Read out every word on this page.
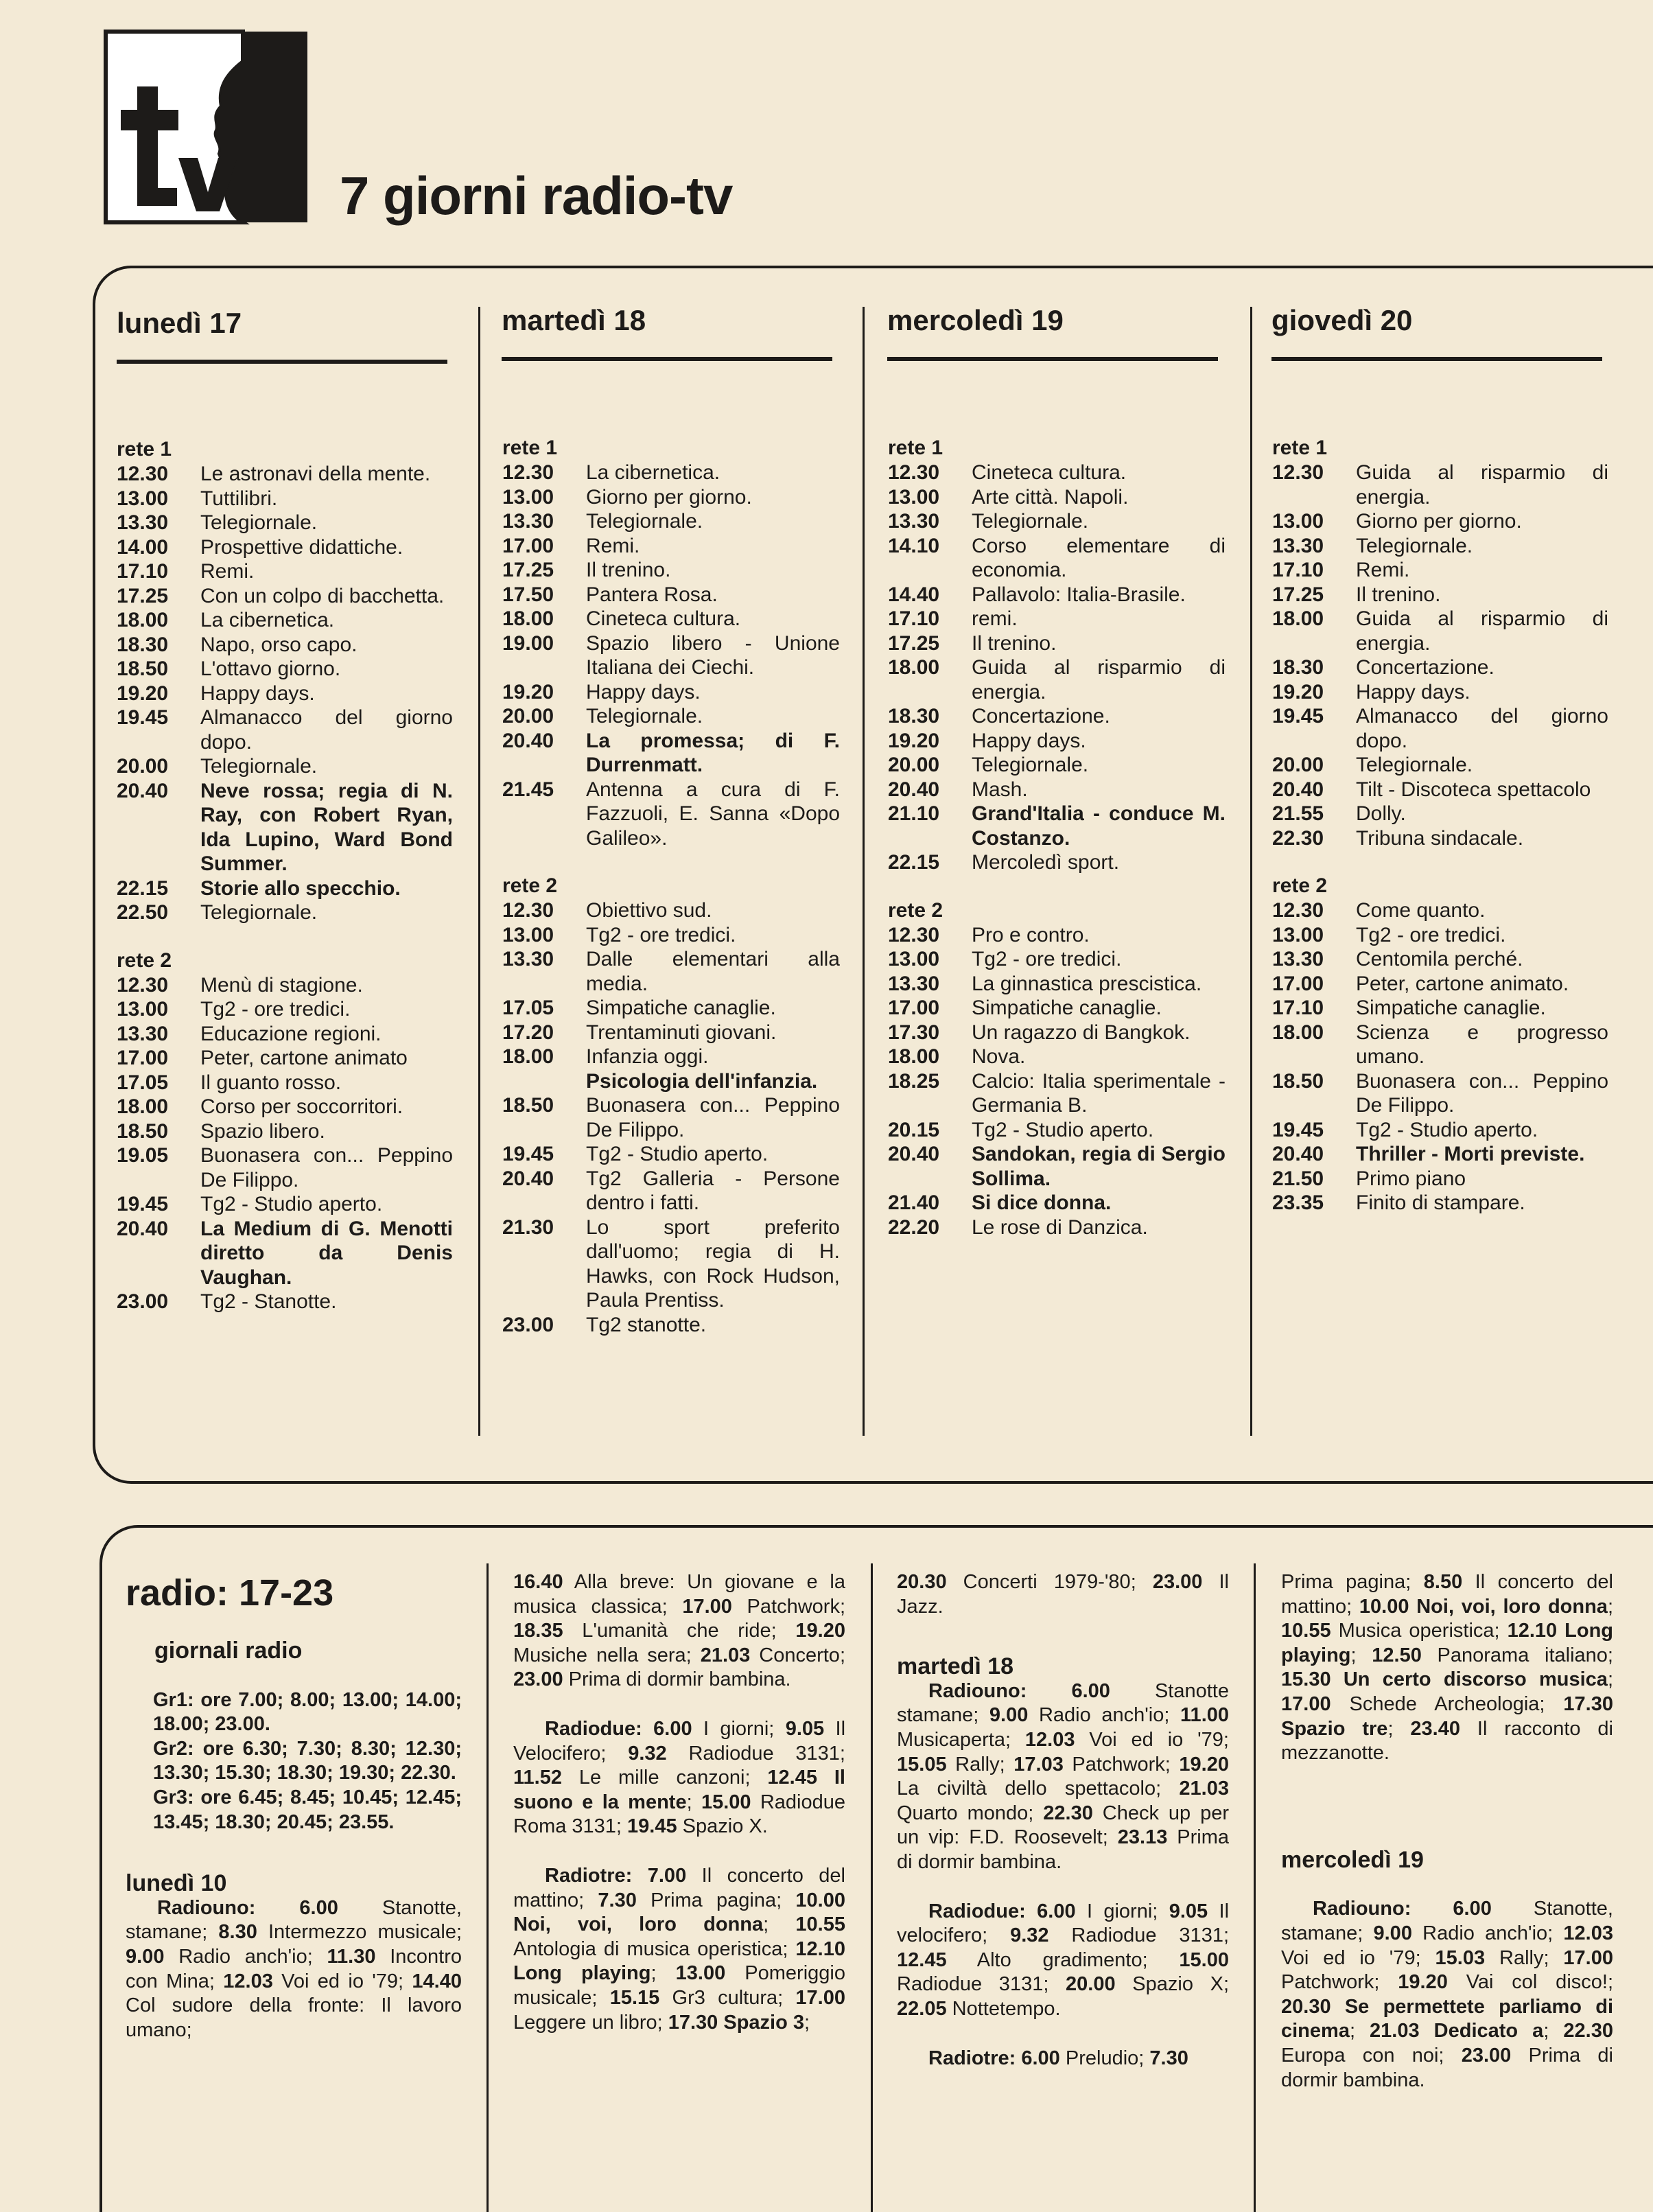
7 giorni radio-tv
lunedì 17	martedì 18	mercoledì 19	giovedì 20
rete 1
12.30	Le astronavi della mente.
13.00	Tuttilibri.
13.30	Telegiornale.
14.00	Prospettive didattiche.
17.10	Remi.
17.25	Con un colpo di bacchetta.
18.00	La cibernetica.
18.30	Napo, orso capo.
18.50	L'ottavo giorno.
19.20	Happy days.
19.45	Almanacco del giorno dopo.
20.00	Telegiornale.
20.40	Neve rossa; regia di N. Ray, con Robert Ryan, Ida Lupino, Ward Bond Summer.
22.15	Storie allo specchio.
22.50	Telegiornale.
rete 2
12.30	Menù di stagione.
13.00	Tg2 - ore tredici.
13.30	Educazione regioni.
17.00	Peter, cartone animato
17.05	Il guanto rosso.
18.00	Corso per soccorritori.
18.50	Spazio libero.
19.05	Buonasera con... Peppino De Filippo.
19.45	Tg2 - Studio aperto.
20.40	La Medium di G. Menotti diretto da Denis Vaughan.
23.00	Tg2 - Stanotte.
rete 1
12.30	La cibernetica.
13.00	Giorno per giorno.
13.30	Telegiornale.
17.00	Remi.
17.25	Il trenino.
17.50	Pantera Rosa.
18.00	Cineteca cultura.
19.00	Spazio libero - Unione Italiana dei Ciechi.
19.20	Happy days.
20.00	Telegiornale.
20.40	La promessa; di F. Durrenmatt.
21.45	Antenna a cura di F. Fazzuoli, E. Sanna «Dopo Galileo».
rete 2
12.30	Obiettivo sud.
13.00	Tg2 - ore tredici.
13.30	Dalle elementari alla media.
17.05	Simpatiche canaglie.
17.20	Trentaminuti giovani.
18.00	Infanzia oggi.
Psicologia dell'infanzia.
18.50	Buonasera con... Peppino De Filippo.
19.45	Tg2 - Studio aperto.
20.40	Tg2 Galleria - Persone dentro i fatti.
21.30	Lo sport preferito dall'uomo; regia di H. Hawks, con Rock Hudson, Paula Prentiss.
23.00	Tg2 stanotte.
rete 1
12.30	Cineteca cultura.
13.00	Arte città. Napoli.
13.30	Telegiornale.
14.10	Corso elementare di economia.
14.40	Pallavolo: Italia-Brasile.
17.10	remi.
17.25	Il trenino.
18.00	Guida al risparmio di energia.
18.30	Concertazione.
19.20	Happy days.
20.00	Telegiornale.
20.40	Mash.
21.10	Grand'Italia - conduce M. Costanzo.
22.15	Mercoledì sport.
rete 2
12.30	Pro e contro.
13.00	Tg2 - ore tredici.
13.30	La ginnastica prescistica.
17.00	Simpatiche canaglie.
17.30	Un ragazzo di Bangkok.
18.00	Nova.
18.25	Calcio: Italia sperimentale - Germania B.
20.15	Tg2 - Studio aperto.
20.40	Sandokan, regia di Sergio Sollima.
21.40	Si dice donna.
22.20	Le rose di Danzica.
rete 1
12.30	Guida al risparmio di energia.
13.00	Giorno per giorno.
13.30	Telegiornale.
17.10	Remi.
17.25	Il trenino.
18.00	Guida al risparmio di energia.
18.30	Concertazione.
19.20	Happy days.
19.45	Almanacco del giorno dopo.
20.00	Telegiornale.
20.40	Tilt - Discoteca spettacolo
21.55	Dolly.
22.30	Tribuna sindacale.
rete 2
12.30	Come quanto.
13.00	Tg2 - ore tredici.
13.30	Centomila perché.
17.00	Peter, cartone animato.
17.10	Simpatiche canaglie.
18.00	Scienza e progresso umano.
18.50	Buonasera con... Peppino De Filippo.
19.45	Tg2 - Studio aperto.
20.40	Thriller - Morti previste.
21.50	Primo piano
23.35	Finito di stampare.
radio: 17-23

giornali radio

Gr1: ore 7.00; 8.00; 13.00; 14.00; 18.00; 23.00.

Gr2: ore 6.30; 7.30; 8.30; 12.30; 13.30; 15.30; 18.30; 19.30; 22.30.

Gr3: ore 6.45; 8.45; 10.45; 12.45; 13.45; 18.30; 20.45; 23.55.

lunedì 10

Radiouno: 6.00 Stanotte, stamane; 8.30 Intermezzo musicale; 9.00 Radio anch'io; 11.30 Incontro con Mina; 12.03 Voi ed io '79; 14.40 Col sudore della fronte: Il lavoro umano;

16.40 Alla breve: Un giovane e la musica classica; 17.00 Patchwork; 18.35 L'umanità che ride; 19.20 Musiche nella sera; 21.03 Concerto; 23.00 Prima di dormir bambina.

Radiodue: 6.00 I giorni; 9.05 Il Velocifero; 9.32 Radiodue 3131; 11.52 Le mille canzoni; 12.45 Il suono e la mente; 15.00 Radiodue Roma 3131; 19.45 Spazio X.

Radiotre: 7.00 Il concerto del mattino; 7.30 Prima pagina; 10.00 Noi, voi, loro donna; 10.55 Antologia di musica operistica; 12.10 Long playing; 13.00 Pomeriggio musicale; 15.15 Gr3 cultura; 17.00 Leggere un libro; 17.30 Spazio 3;

20.30 Concerti 1979-'80; 23.00 Il Jazz.

martedì 18

Radiouno: 6.00 Stanotte stamane; 9.00 Radio anch'io; 11.00 Musicaperta; 12.03 Voi ed io '79; 15.05 Rally; 17.03 Patchwork; 19.20 La civiltà dello spettacolo; 21.03 Quarto mondo; 22.30 Check up per un vip: F.D. Roosevelt; 23.13 Prima di dormir bambina.

Radiodue: 6.00 I giorni; 9.05 Il velocifero; 9.32 Radiodue 3131; 12.45 Alto gradimento; 15.00 Radiodue 3131; 20.00 Spazio X; 22.05 Nottetempo.

Radiotre: 6.00 Preludio; 7.30

Prima pagina; 8.50 Il concerto del mattino; 10.00 Noi, voi, loro donna; 10.55 Musica operistica; 12.10 Long playing; 12.50 Panorama italiano; 15.30 Un certo discorso musica; 17.00 Schede Archeologia; 17.30 Spazio tre; 23.40 Il racconto di mezzanotte.

mercoledì 19

Radiouno: 6.00 Stanotte, stamane; 9.00 Radio anch'io; 12.03 Voi ed io '79; 15.03 Rally; 17.00 Patchwork; 19.20 Vai col disco!; 20.30 Se permettete parliamo di cinema; 21.03 Dedicato a; 22.30 Europa con noi; 23.00 Prima di dormir bambina.
